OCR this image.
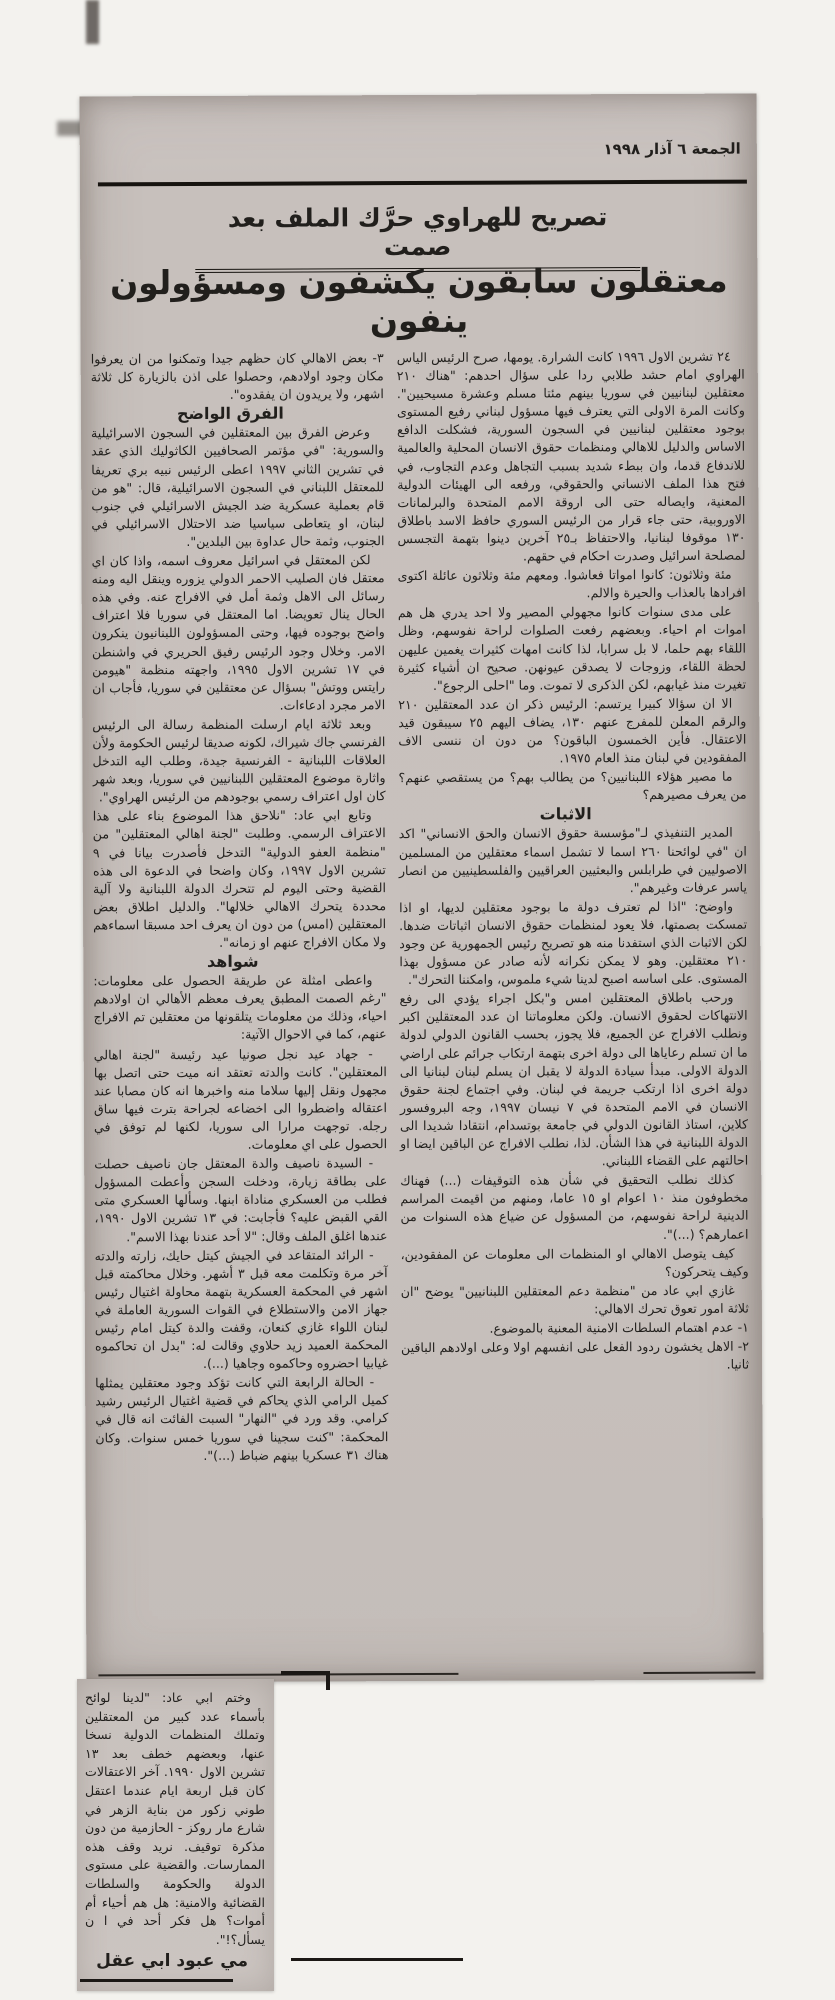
الجمعة ٦ آذار ١٩٩٨
تصريح للهراوي حرَّك الملف بعد صمت
معتقلون سابقون يكشفون ومسؤولون ينفون

٢٤ تشرين الاول ١٩٩٦ كانت الشرارة. يومها، صرح الرئيس الياس الهراوي امام حشد طلابي ردا على سؤال احدهم: "هناك ٢١٠ معتقلين لبنانيين في سوريا بينهم مئتا مسلم وعشرة مسيحيين". وكانت المرة الاولى التي يعترف فيها مسؤول لبناني رفيع المستوى بوجود معتقلين لبنانيين في السجون السورية، فشكلت الدافع الاساس والدليل للاهالي ومنظمات حقوق الانسان المحلية والعالمية للاندفاع قدما، وان ببطء شديد بسبب التجاهل وعدم التجاوب، في فتح هذا الملف الانساني والحقوقي، ورفعه الى الهيئات الدولية المعنية، وايصاله حتى الى اروقة الامم المتحدة والبرلمانات الاوروبية، حتى جاء قرار من الرئيس السوري حافظ الاسد باطلاق ١٣٠ موقوفا لبنانيا، والاحتفاظ بـ٢٥ آخرين دينوا بتهمة التجسس لمصلحة اسرائيل وصدرت احكام في حقهم.

مئة وثلاثون: كانوا امواتا فعاشوا. ومعهم مئة وثلاثون عائلة اكتوى افرادها بالعذاب والحيرة والالم.

على مدى سنوات كانوا مجهولي المصير ولا احد يدري هل هم اموات ام احياء. وبعضهم رفعت الصلوات لراحة نفوسهم، وظل اللقاء بهم حلما، لا بل سرابا، لذا كانت امهات كثيرات يغمين عليهن لحظة اللقاء، وزوجات لا يصدقن عيونهن. صحيح ان أشياء كثيرة تغيرت منذ غيابهم، لكن الذكرى لا تموت. وما "احلى الرجوع".

الا ان سؤالا كبيرا يرتسم: الرئيس ذكر ان عدد المعتقلين ٢١٠ والرقم المعلن للمفرج عنهم ١٣٠، يضاف اليهم ٢٥ سيبقون قيد الاعتقال. فأين الخمسون الباقون؟ من دون ان ننسى الاف المفقودين في لبنان منذ العام ١٩٧٥.

ما مصير هؤلاء اللبنانيين؟ من يطالب بهم؟ من يستقصي عنهم؟ من يعرف مصيرهم؟

الاثبات

المدير التنفيذي لـ"مؤسسة حقوق الانسان والحق الانساني" اكد ان "في لوائحنا ٢٦٠ اسما لا تشمل اسماء معتقلين من المسلمين الاصوليين في طرابلس والبعثيين العراقيين والفلسطينيين من انصار ياسر عرفات وغيرهم".

واوضح: "اذا لم تعترف دولة ما بوجود معتقلين لديها، او اذا تمسكت بصمتها، فلا يعود لمنظمات حقوق الانسان اثباتات ضدها. لكن الاثبات الذي استفدنا منه هو تصريح رئيس الجمهورية عن وجود ٢١٠ معتقلين. وهو لا يمكن نكرانه لأنه صادر عن مسؤول بهذا المستوى. على اساسه اصبح لدينا شيء ملموس، وامكننا التحرك".

ورحب باطلاق المعتقلين امس و"بكل اجراء يؤدي الى رفع الانتهاكات لحقوق الانسان. ولكن معلوماتنا ان عدد المعتقلين اكبر ونطلب الافراج عن الجميع، فلا يجوز، بحسب القانون الدولي لدولة ما ان تسلم رعاياها الى دولة اخرى بتهمة ارتكاب جرائم على اراضي الدولة الاولى. مبدأ سيادة الدولة لا يقبل ان يسلم لبنان لبنانيا الى دولة اخرى اذا ارتكب جريمة في لبنان. وفي اجتماع لجنة حقوق الانسان في الامم المتحدة في ٧ نيسان ١٩٩٧، وجه البروفسور كلاين، استاذ القانون الدولي في جامعة بوتسدام، انتقادا شديدا الى الدولة اللبنانية في هذا الشأن. لذا، نطلب الافراج عن الباقين ايضا او احالتهم على القضاء اللبناني.

كذلك نطلب التحقيق في شأن هذه التوقيفات (...) فهناك مخطوفون منذ ١٠ اعوام او ١٥ عاما، ومنهم من اقيمت المراسم الدينية لراحة نفوسهم، من المسؤول عن ضياع هذه السنوات من اعمارهم؟ (...)".

كيف يتوصل الاهالي او المنظمات الى معلومات عن المفقودين، وكيف يتحركون؟

غازي ابي عاد من "منظمة دعم المعتقلين اللبنانيين" يوضح "ان ثلاثة امور تعوق تحرك الاهالي:

١- عدم اهتمام السلطات الامنية المعنية بالموضوع.

٢- الاهل يخشون ردود الفعل على انفسهم اولا وعلى اولادهم الباقين ثانيا.

٣- بعض الاهالي كان حظهم جيدا وتمكنوا من ان يعرفوا مكان وجود اولادهم، وحصلوا على اذن بالزيارة كل ثلاثة اشهر، ولا يريدون ان يفقدوه".

الفرق الواضح

وعرض الفرق بين المعتقلين في السجون الاسرائيلية والسورية: "في مؤتمر الصحافيين الكاثوليك الذي عقد في تشرين الثاني ١٩٩٧ اعطى الرئيس نبيه بري تعريفا للمعتقل اللبناني في السجون الاسرائيلية، قال: "هو من قام بعملية عسكرية ضد الجيش الاسرائيلي في جنوب لبنان، او يتعاطى سياسيا ضد الاحتلال الاسرائيلي في الجنوب، وثمة حال عداوة بين البلدين".

لكن المعتقل في اسرائيل معروف اسمه، واذا كان اي معتقل فان الصليب الاحمر الدولي يزوره وينقل اليه ومنه رسائل الى الاهل وثمة أمل في الافراج عنه. وفي هذه الحال ينال تعويضا. اما المعتقل في سوريا فلا اعتراف واضح بوجوده فيها، وحتى المسؤولون اللبنانيون ينكرون الامر. وخلال وجود الرئيس رفيق الحريري في واشنطن في ١٧ تشرين الاول ١٩٩٥، واجهته منظمة "هيومن رايتس ووتش" بسؤال عن معتقلين في سوريا، فأجاب ان الامر مجرد ادعاءات.

وبعد ثلاثة ايام ارسلت المنظمة رسالة الى الرئيس الفرنسي جاك شيراك، لكونه صديقا لرئيس الحكومة ولأن العلاقات اللبنانية - الفرنسية جيدة، وطلب اليه التدخل واثارة موضوع المعتقلين اللبنانيين في سوريا، وبعد شهر كان اول اعتراف رسمي بوجودهم من الرئيس الهراوي".

وتابع ابي عاد: "نلاحق هذا الموضوع بناء على هذا الاعتراف الرسمي. وطلبت "لجنة اهالي المعتقلين" من "منظمة العفو الدولية" التدخل فأصدرت بيانا في ٩ تشرين الاول ١٩٩٧، وكان واضحا في الدعوة الى هذه القضية وحتى اليوم لم تتحرك الدولة اللبنانية ولا آلية محددة يتحرك الاهالي خلالها". والدليل اطلاق بعض المعتقلين (امس) من دون ان يعرف احد مسبقا اسماءهم ولا مكان الافراج عنهم او زمانه".

شواهد

واعطى امثلة عن طريقة الحصول على معلومات: "رغم الصمت المطبق يعرف معظم الأهالي ان اولادهم احياء، وذلك من معلومات يتلقونها من معتقلين تم الافراج عنهم، كما في الاحوال الآتية:

- جهاد عيد نجل صونيا عيد رئيسة "لجنة اهالي المعتقلين". كانت والدته تعتقد انه ميت حتى اتصل بها مجهول ونقل إليها سلاما منه واخبرها انه كان مصابا عند اعتقاله واضطروا الى اخضاعه لجراحة بترت فيها ساق رجله. توجهت مرارا الى سوريا، لكنها لم توفق في الحصول على اي معلومات.

- السيدة ناصيف والدة المعتقل جان ناصيف حصلت على بطاقة زيارة، ودخلت السجن وأعطت المسؤول فطلب من العسكري مناداة ابنها. وسألها العسكري متى القي القبض عليه؟ فأجابت: في ١٣ تشرين الاول ١٩٩٠، عندها اغلق الملف وقال: "لا أحد عندنا بهذا الاسم".

- الرائد المتقاعد في الجيش كيتل حايك، زارته والدته آخر مرة وتكلمت معه قبل ٣ أشهر. وخلال محاكمته قبل اشهر في المحكمة العسكرية بتهمة محاولة اغتيال رئيس جهاز الامن والاستطلاع في القوات السورية العاملة في لبنان اللواء غازي كنعان، وقفت والدة كيتل امام رئيس المحكمة العميد زيد حلاوي وقالت له: "بدل ان تحاكموه غيابيا احضروه وحاكموه وجاهيا (...).

- الحالة الرابعة التي كانت تؤكد وجود معتقلين يمثلها كميل الرامي الذي يحاكم في قضية اغتيال الرئيس رشيد كرامي. وقد ورد في "النهار" السبت الفائت انه قال في المحكمة: "كنت سجينا في سوريا خمس سنوات. وكان هناك ٣١ عسكريا بينهم ضباط (...)".

وختم ابي عاد: "لدينا لوائح بأسماء عدد كبير من المعتقلين وتملك المنظمات الدولية نسخا عنها، وبعضهم خطف بعد ١٣ تشرين الاول ١٩٩٠. آخر الاعتقالات كان قبل اربعة ايام عندما اعتقل طوني زكور من بناية الزهر في شارع مار روكز - الحازمية من دون مذكرة توقيف. نريد وقف هذه الممارسات. والقضية على مستوى الدولة والحكومة والسلطات القضائية والامنية: هل هم أحياء أم أموات؟ هل فكر أحد في ا ن يسأل؟!".

مي عبود ابي عقل
